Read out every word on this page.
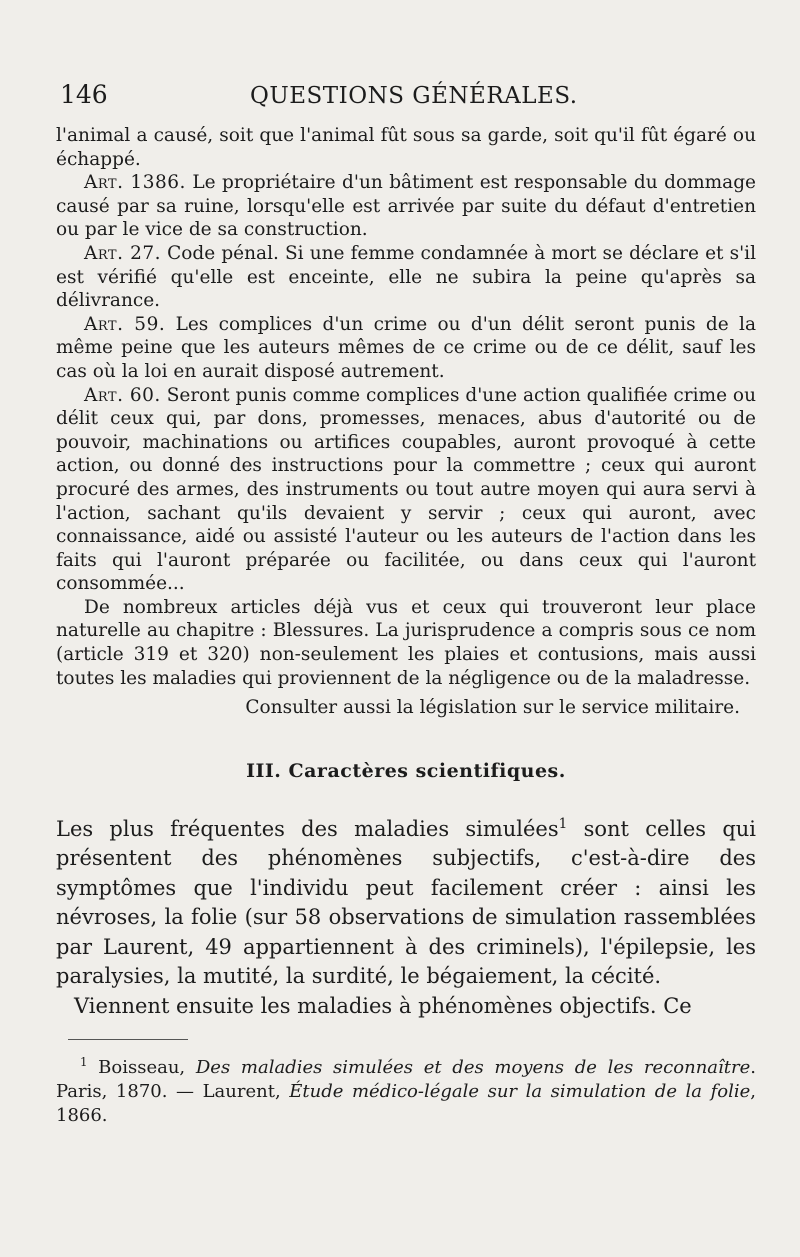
146	QUESTIONS GÉNÉRALES.

l'animal a causé, soit que l'animal fût sous sa garde, soit qu'il fût égaré ou échappé.

Art. 1386. Le propriétaire d'un bâtiment est responsable du dommage causé par sa ruine, lorsqu'elle est arrivée par suite du défaut d'entretien ou par le vice de sa construction.

Art. 27. Code pénal. Si une femme condamnée à mort se déclare et s'il est vérifié qu'elle est enceinte, elle ne subira la peine qu'après sa délivrance.

Art. 59. Les complices d'un crime ou d'un délit seront punis de la même peine que les auteurs mêmes de ce crime ou de ce délit, sauf les cas où la loi en aurait disposé autrement.

Art. 60. Seront punis comme complices d'une action qualifiée crime ou délit ceux qui, par dons, promesses, menaces, abus d'autorité ou de pouvoir, machinations ou artifices coupables, auront provoqué à cette action, ou donné des instructions pour la commettre ; ceux qui auront procuré des armes, des instruments ou tout autre moyen qui aura servi à l'action, sachant qu'ils devaient y servir ; ceux qui auront, avec connaissance, aidé ou assisté l'auteur ou les auteurs de l'action dans les faits qui l'auront préparée ou facilitée, ou dans ceux qui l'auront consommée...

De nombreux articles déjà vus et ceux qui trouveront leur place naturelle au chapitre : Blessures. La jurisprudence a compris sous ce nom (article 319 et 320) non-seulement les plaies et contusions, mais aussi toutes les maladies qui proviennent de la négligence ou de la maladresse.

Consulter aussi la législation sur le service militaire.
III. Caractères scientifiques.

Les plus fréquentes des maladies simulées$^1$ sont celles qui présentent des phénomènes subjectifs, c'est-à-dire des symptômes que l'individu peut facilement créer : ainsi les névroses, la folie (sur 58 observations de simulation rassemblées par Laurent, 49 appartiennent à des criminels), l'épilepsie, les paralysies, la mutité, la surdité, le bégaiement, la cécité.

Viennent ensuite les maladies à phénomènes objectifs. Ce

$^1$ Boisseau, Des maladies simulées et des moyens de les reconnaître. Paris, 1870. — Laurent, Étude médico-légale sur la simulation de la folie, 1866.
